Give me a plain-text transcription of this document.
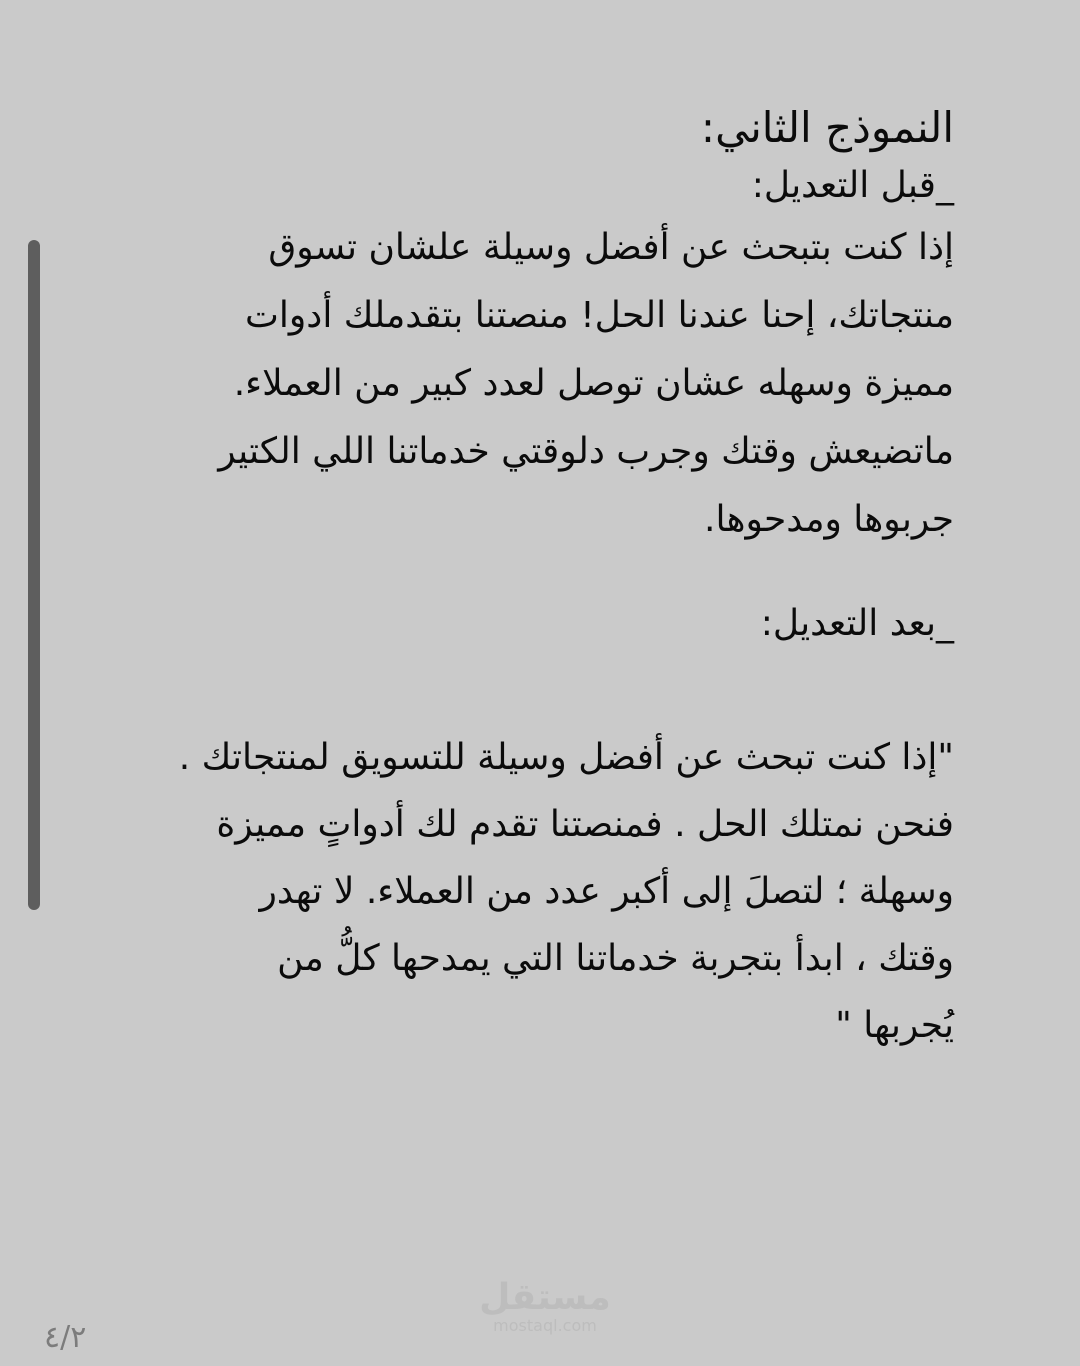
النموذج الثاني:
_قبل التعديل:
إذا كنت بتبحث عن أفضل وسيلة علشان تسوق
منتجاتك، إحنا عندنا الحل! منصتنا بتقدملك أدوات
مميزة وسهله عشان توصل لعدد كبير من العملاء.
ماتضيعش وقتك وجرب دلوقتي خدماتنا اللي الكتير
جربوها ومدحوها.
_بعد التعديل:
"إذا كنت تبحث عن أفضل وسيلة للتسويق لمنتجاتك .
فنحن نمتلك الحل . فمنصتنا تقدم لك أدواتٍ مميزة
وسهلة ؛ لتصلَ إلى أكبر عدد من العملاء. لا تهدر
وقتك ، ابدأ بتجربة خدماتنا التي يمدحها كلُّ من
يُجربها "
مستقل
mostaql.com
٤/٢
